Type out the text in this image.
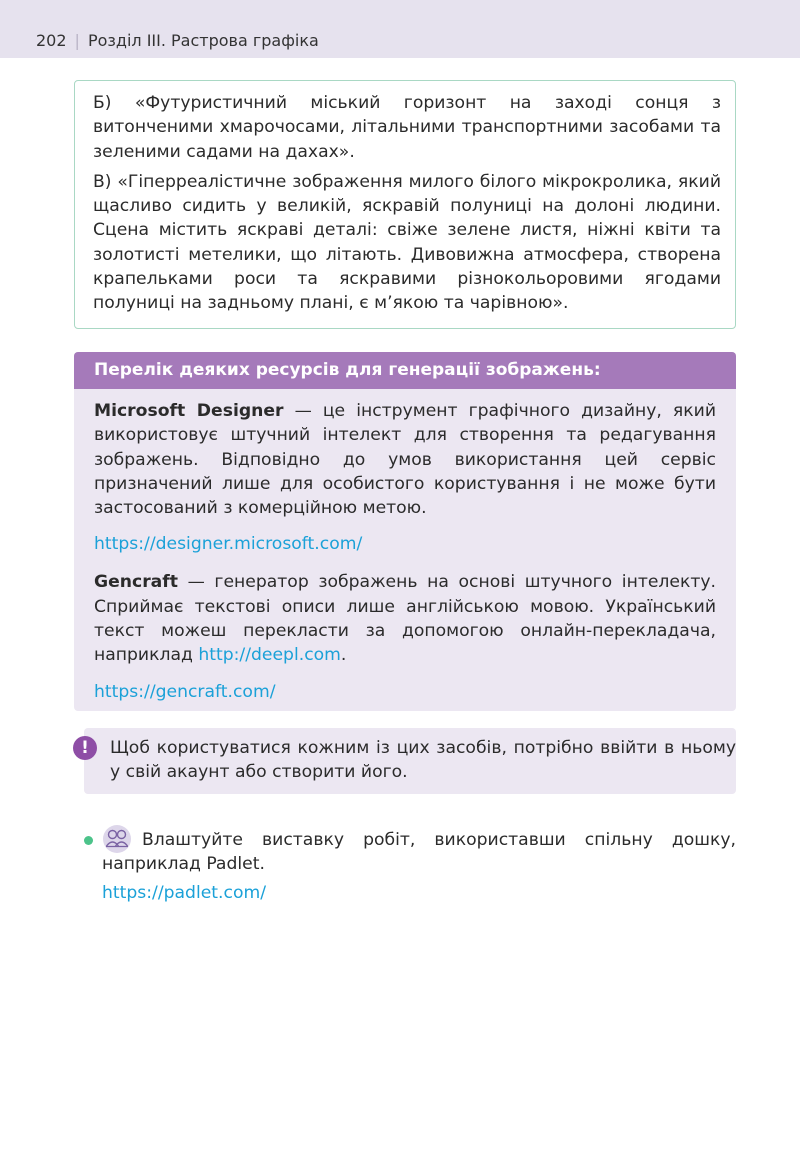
202 | Розділ ІІІ. Растрова графіка

Б) «Футуристичний міський горизонт на заході сонця з витонченими хмарочосами, літальними транспортними засобами та зеленими садами на дахах».

В) «Гіперреалістичне зображення милого білого мікрокролика, який щасливо сидить у великій, яскравій полуниці на долоні людини. Сцена містить яскраві деталі: свіже зелене листя, ніжні квіти та золотисті метелики, що літають. Дивовижна атмосфера, створена крапельками роси та яскравими різнокольоровими ягодами полуниці на задньому плані, є м’якою та чарівною».

Перелік деяких ресурсів для генерації зображень:

Microsoft Designer — це інструмент графічного дизайну, який використовує штучний інтелект для створення та редагування зображень. Відповідно до умов використання цей сервіс призначений лише для особистого користування і не може бути застосований з комерційною метою.

https://designer.microsoft.com/

Gencraft — генератор зображень на основі штучного інтелекту. Сприймає текстові описи лише англійською мовою. Український текст можеш перекласти за допомогою онлайн-перекладача, наприклад http://deepl.com.

https://gencraft.com/
!	Щоб користуватися кожним із цих засобів, потрібно ввійти в ньому у свій акаунт або створити його.

Влаштуйте виставку робіт, використавши спільну дошку, наприклад Padlet.

https://padlet.com/
